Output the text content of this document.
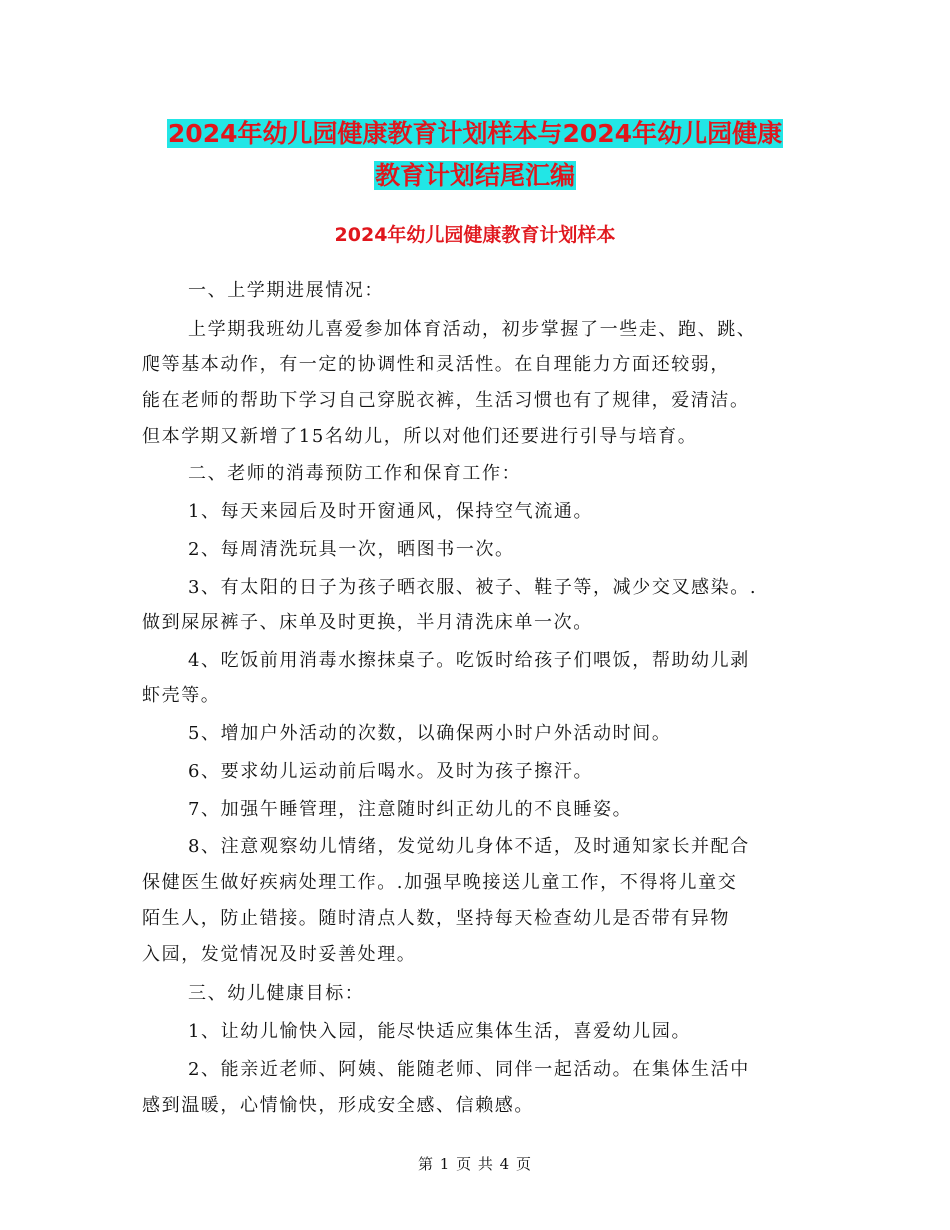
2024年幼儿园健康教育计划样本与2024年幼儿园健康
教育计划结尾汇编
2024年幼儿园健康教育计划样本
一、上学期进展情况：
上学期我班幼儿喜爱参加体育活动，初步掌握了一些走、跑、跳、
爬等基本动作，有一定的协调性和灵活性。在自理能力方面还较弱，
能在老师的帮助下学习自己穿脱衣裤，生活习惯也有了规律，爱清洁。
但本学期又新增了15名幼儿，所以对他们还要进行引导与培育。
二、老师的消毒预防工作和保育工作：
1、每天来园后及时开窗通风，保持空气流通。
2、每周清洗玩具一次，晒图书一次。
3、有太阳的日子为孩子晒衣服、被子、鞋子等，减少交叉感染。.
做到屎尿裤子、床单及时更换，半月清洗床单一次。
4、吃饭前用消毒水擦抹桌子。吃饭时给孩子们喂饭，帮助幼儿剥
虾壳等。
5、增加户外活动的次数，以确保两小时户外活动时间。
6、要求幼儿运动前后喝水。及时为孩子擦汗。
7、加强午睡管理，注意随时纠正幼儿的不良睡姿。
8、注意观察幼儿情绪，发觉幼儿身体不适，及时通知家长并配合
保健医生做好疾病处理工作。.加强早晚接送儿童工作，不得将儿童交
陌生人，防止错接。随时清点人数，坚持每天检查幼儿是否带有异物
入园，发觉情况及时妥善处理。
三、幼儿健康目标：
1、让幼儿愉快入园，能尽快适应集体生活，喜爱幼儿园。
2、能亲近老师、阿姨、能随老师、同伴一起活动。在集体生活中
感到温暖，心情愉快，形成安全感、信赖感。
第 1 页 共 4 页
